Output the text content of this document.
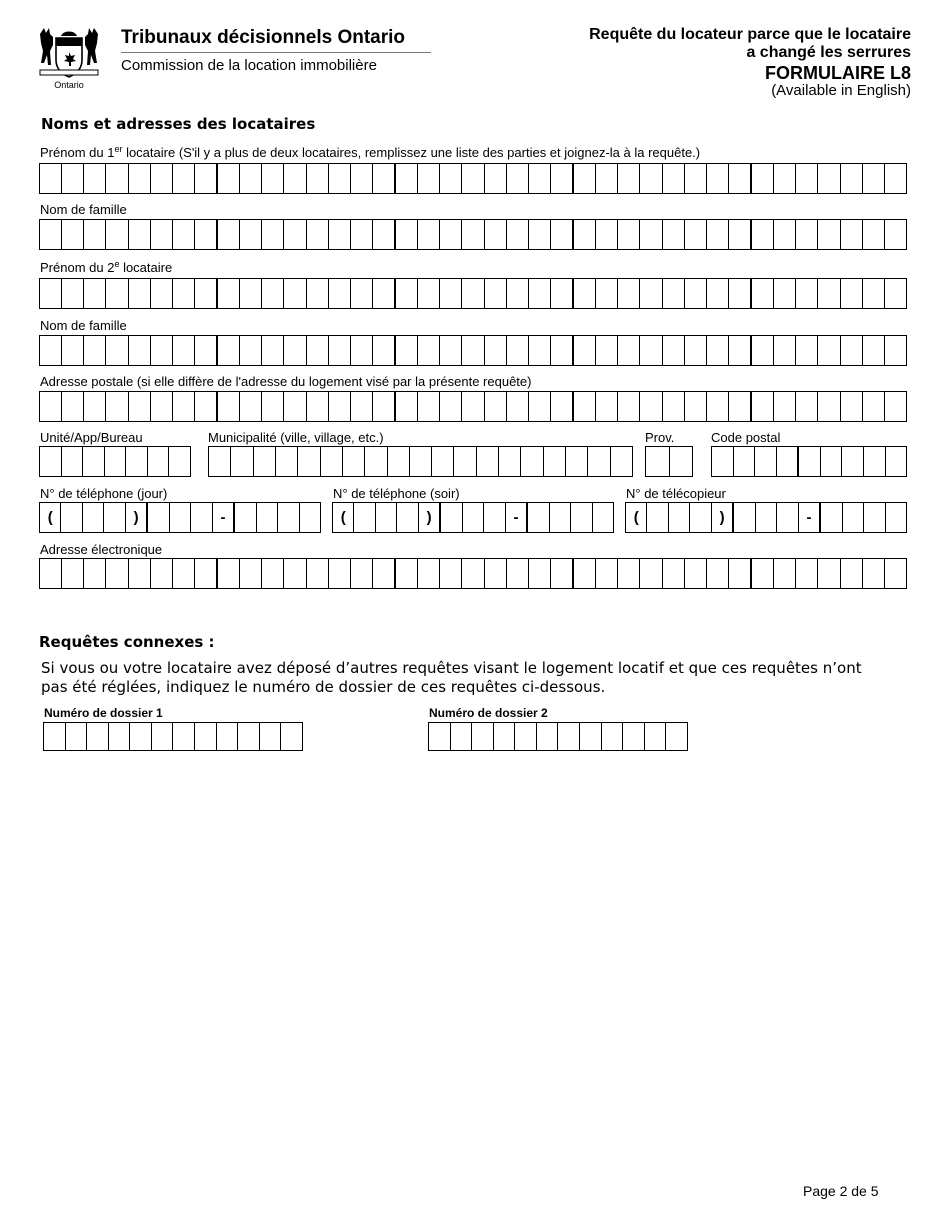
Ontario
Tribunaux décisionnels Ontario
Commission de la location immobilière
Requête du locateur parce que le locataire
a changé les serrures
FORMULAIRE L8
(Available in English)
Noms et adresses des locataires
Prénom du 1er locataire (S'il y a plus de deux locataires, remplissez une liste des parties et joignez-la à la requête.)
Nom de famille
Prénom du 2e locataire
Nom de famille
Adresse postale (si elle diffère de l'adresse du logement visé par la présente requête)
Unité/App/Bureau	Municipalité (ville, village, etc.)	Prov.	Code postal
N° de téléphone (jour)	N° de téléphone (soir)	N° de télécopieur
(	)	-	(	)	-	(	)	-
Adresse électronique
Requêtes connexes :
Si vous ou votre locataire avez déposé d’autres requêtes visant le logement locatif et que ces requêtes n’ont pas été réglées, indiquez le numéro de dossier de ces requêtes ci-dessous.
Numéro de dossier 1	Numéro de dossier 2
Page 2 de 5
